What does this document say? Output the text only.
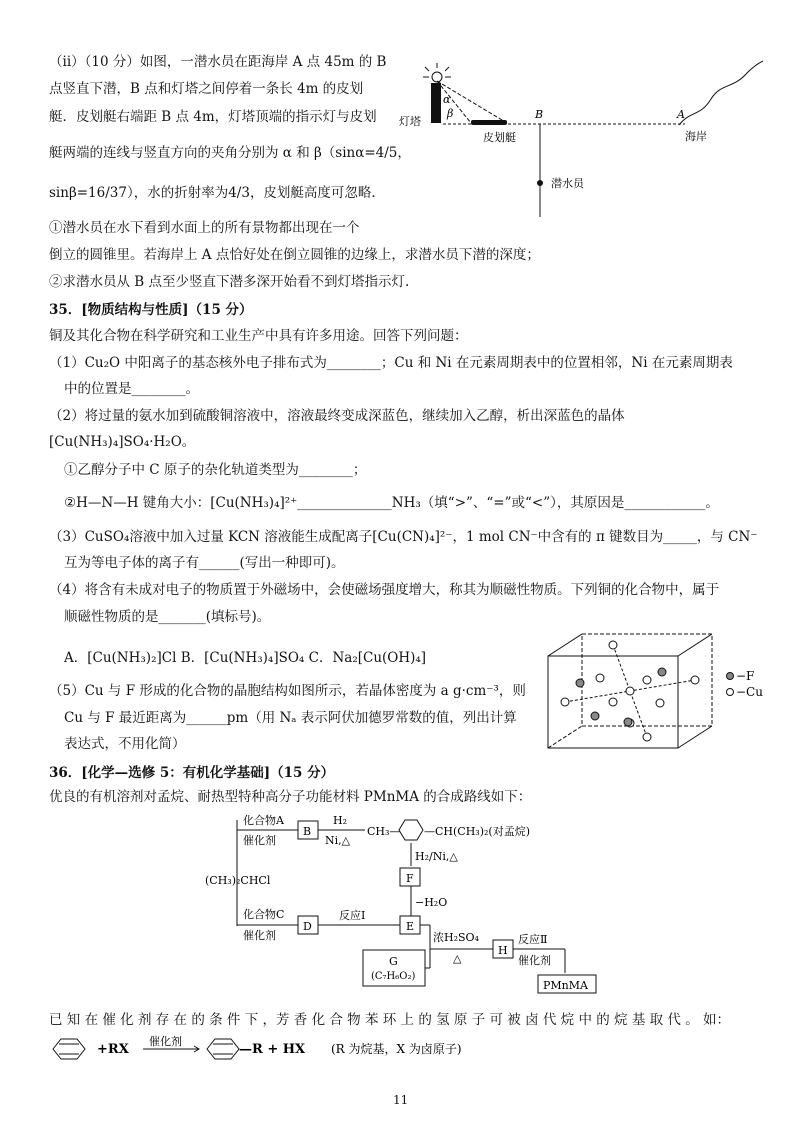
（ii）（10 分）如图，一潜水员在距海岸 A 点 45m 的 B
点竖直下潜，B 点和灯塔之间停着一条长 4m 的皮划
艇．皮划艇右端距 B 点 4m，灯塔顶端的指示灯与皮划
艇两端的连线与竖直方向的夹角分别为 α 和 β（sinα=4/5，
sinβ=16/37），水的折射率为4/3，皮划艇高度可忽略．
①潜水员在水下看到水面上的所有景物都出现在一个
倒立的圆锥里。若海岸上 A 点恰好处在倒立圆锥的边缘上，求潜水员下潜的深度；
②求潜水员从 B 点至少竖直下潜多深开始看不到灯塔指示灯.
α
β
灯塔
皮划艇
B
潜水员
A
海岸
35．[物质结构与性质]（15 分）
铜及其化合物在科学研究和工业生产中具有许多用途。回答下列问题：
（1）Cu₂O 中阳离子的基态核外电子排布式为________；Cu 和 Ni 在元素周期表中的位置相邻，Ni 在元素周期表
中的位置是________。
（2）将过量的氨水加到硫酸铜溶液中，溶液最终变成深蓝色，继续加入乙醇，析出深蓝色的晶体
[Cu(NH₃)₄]SO₄·H₂O。
①乙醇分子中 C 原子的杂化轨道类型为________；
②H—N—H 键角大小：[Cu(NH₃)₄]²⁺______________NH₃（填“>”、“=”或“<”），其原因是____________。
（3）CuSO₄溶液中加入过量 KCN 溶液能生成配离子[Cu(CN)₄]²⁻，1 mol CN⁻中含有的 π 键数目为_____，与 CN⁻
互为等电子体的离子有______(写出一种即可)。
（4）将含有未成对电子的物质置于外磁场中，会使磁场强度增大，称其为顺磁性物质。下列铜的化合物中，属于
顺磁性物质的是_______(填标号)。
A．[Cu(NH₃)₂]Cl B．[Cu(NH₃)₄]SO₄ C．Na₂[Cu(OH)₄]
（5）Cu 与 F 形成的化合物的晶胞结构如图所示，若晶体密度为 a g·cm⁻³，则
Cu 与 F 最近距离为______pm（用 Nₐ 表示阿伏加德罗常数的值，列出计算
表达式，不用化简）
−F
−Cu
36．[化学—选修 5：有机化学基础]（15 分）
优良的有机溶剂对孟烷、耐热型特种高分子功能材料 PMnMA 的合成路线如下：
(CH₃)₂CHCl
化合物A
催化剂
B
H₂
Ni,△
CH₃— —CH(CH₃)₂(对孟烷)
H₂/Ni,△
F
−H₂O
化合物C
催化剂
D
反应Ⅰ
E
G
(C₇H₆O₂)
浓H₂SO₄
△
H
反应Ⅱ
催化剂
PMnMA
已 知 在 催 化 剂 存 在 的 条 件 下 ，芳 香 化 合 物 苯 环 上 的 氢 原 子 可 被 卤 代 烷 中 的 烷 基 取 代 。 如：
+RX
催化剂
—R + HX (R 为烷基，X 为卤原子)
11
